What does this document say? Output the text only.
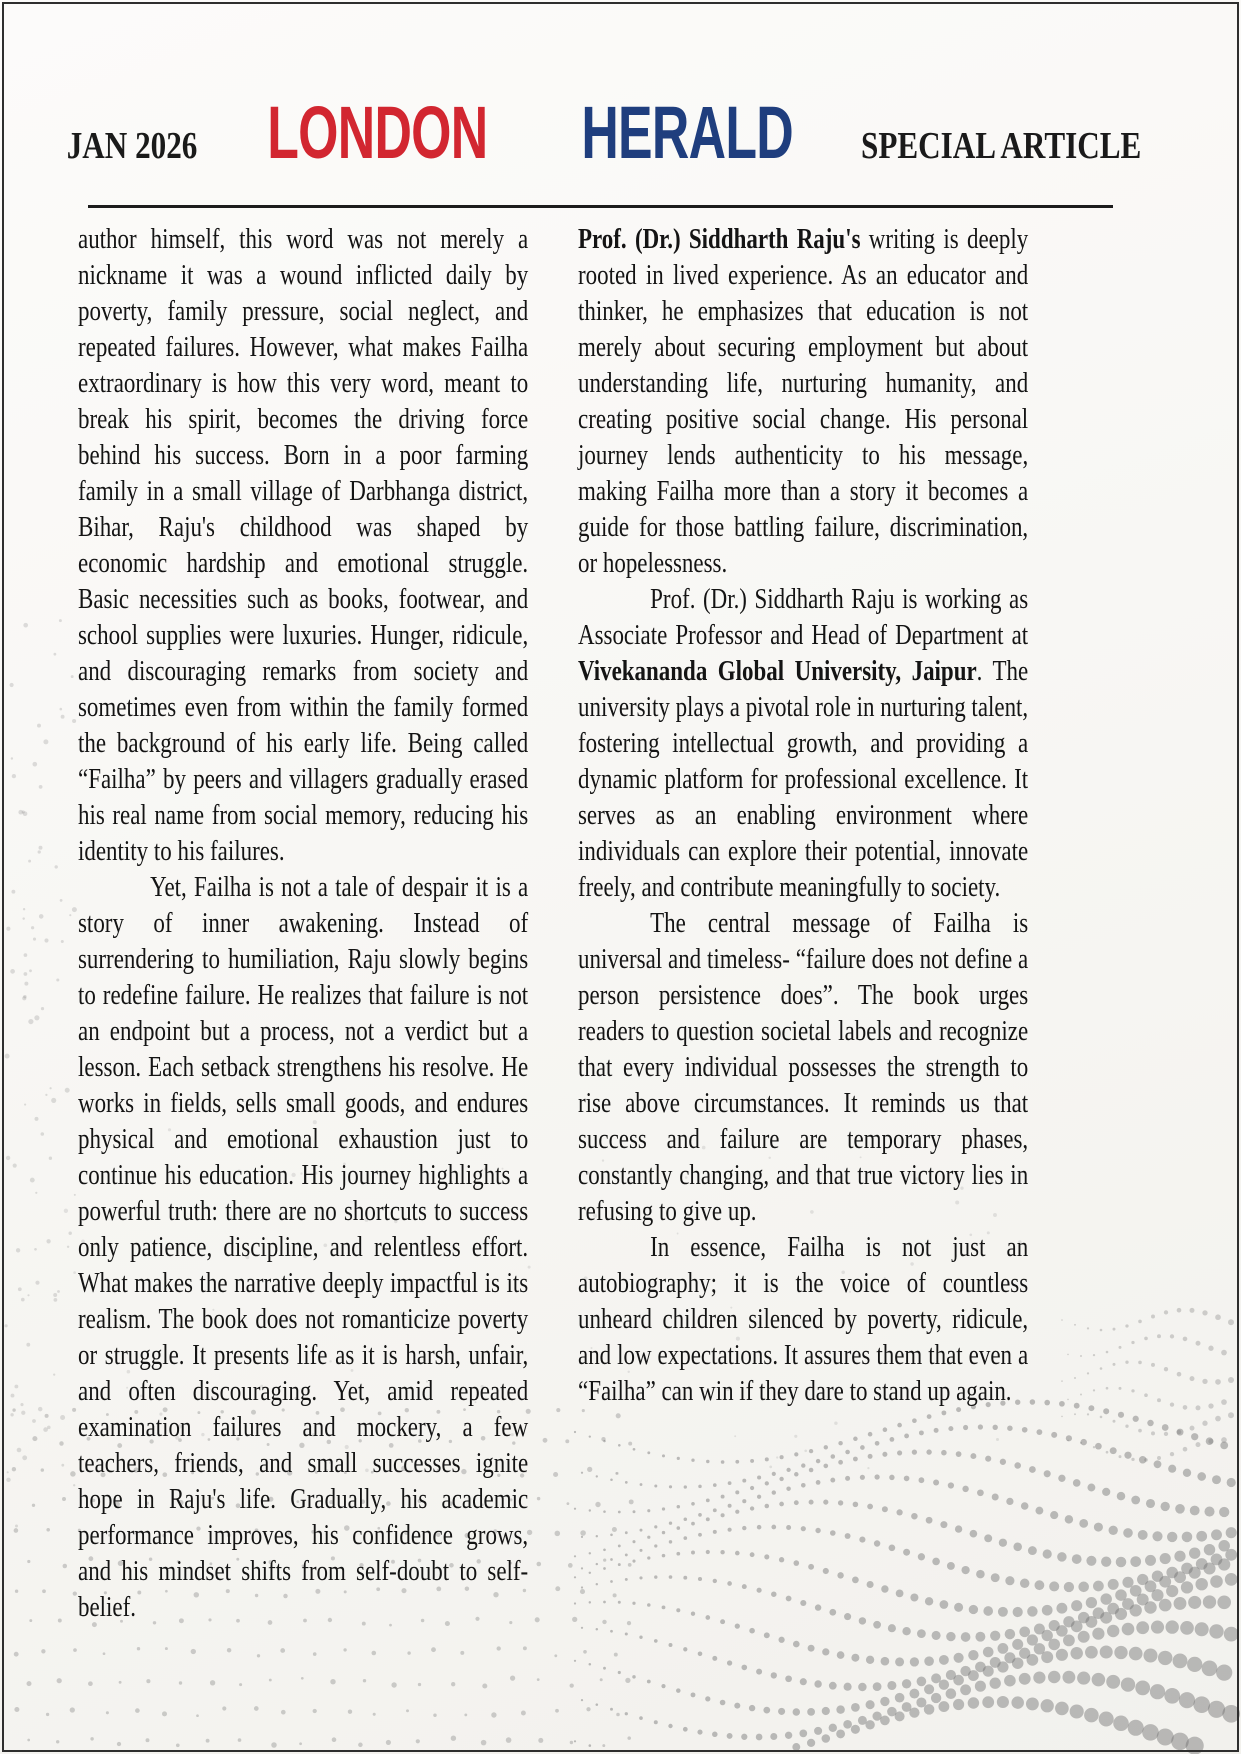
JAN 2026 LONDON HERALD SPECIAL ARTICLE

author himself, this word was not merely a nickname it was a wound inflicted daily by poverty, family pressure, social neglect, and repeated failures. However, what makes Failha extraordinary is how this very word, meant to break his spirit, becomes the driving force behind his success. Born in a poor farming family in a small village of Darbhanga district, Bihar, Raju's childhood was shaped by economic hardship and emotional struggle. Basic necessities such as books, footwear, and school supplies were luxuries. Hunger, ridicule, and discouraging remarks from society and sometimes even from within the family formed the background of his early life. Being called “Failha” by peers and villagers gradually erased his real name from social memory, reducing his identity to his failures.

Yet, Failha is not a tale of despair it is a story of inner awakening. Instead of surrendering to humiliation, Raju slowly begins to redefine failure. He realizes that failure is not an endpoint but a process, not a verdict but a lesson. Each setback strengthens his resolve. He works in fields, sells small goods, and endures physical and emotional exhaustion just to continue his education. His journey highlights a powerful truth: there are no shortcuts to success only patience, discipline, and relentless effort. What makes the narrative deeply impactful is its realism. The book does not romanticize poverty or struggle. It presents life as it is harsh, unfair, and often discouraging. Yet, amid repeated examination failures and mockery, a few teachers, friends, and small successes ignite hope in Raju's life. Gradually, his academic performance improves, his confidence grows, and his mindset shifts from self-doubt to self-belief.

Prof. (Dr.) Siddharth Raju's writing is deeply rooted in lived experience. As an educator and thinker, he emphasizes that education is not merely about securing employment but about understanding life, nurturing humanity, and creating positive social change. His personal journey lends authenticity to his message, making Failha more than a story it becomes a guide for those battling failure, discrimination, or hopelessness.

Prof. (Dr.) Siddharth Raju is working as Associate Professor and Head of Department at Vivekananda Global University, Jaipur. The university plays a pivotal role in nurturing talent, fostering intellectual growth, and providing a dynamic platform for professional excellence. It serves as an enabling environment where individuals can explore their potential, innovate freely, and contribute meaningfully to society.

The central message of Failha is universal and timeless- “failure does not define a person persistence does”. The book urges readers to question societal labels and recognize that every individual possesses the strength to rise above circumstances. It reminds us that success and failure are temporary phases, constantly changing, and that true victory lies in refusing to give up.

In essence, Failha is not just an autobiography; it is the voice of countless unheard children silenced by poverty, ridicule, and low expectations. It assures them that even a “Failha” can win if they dare to stand up again.
